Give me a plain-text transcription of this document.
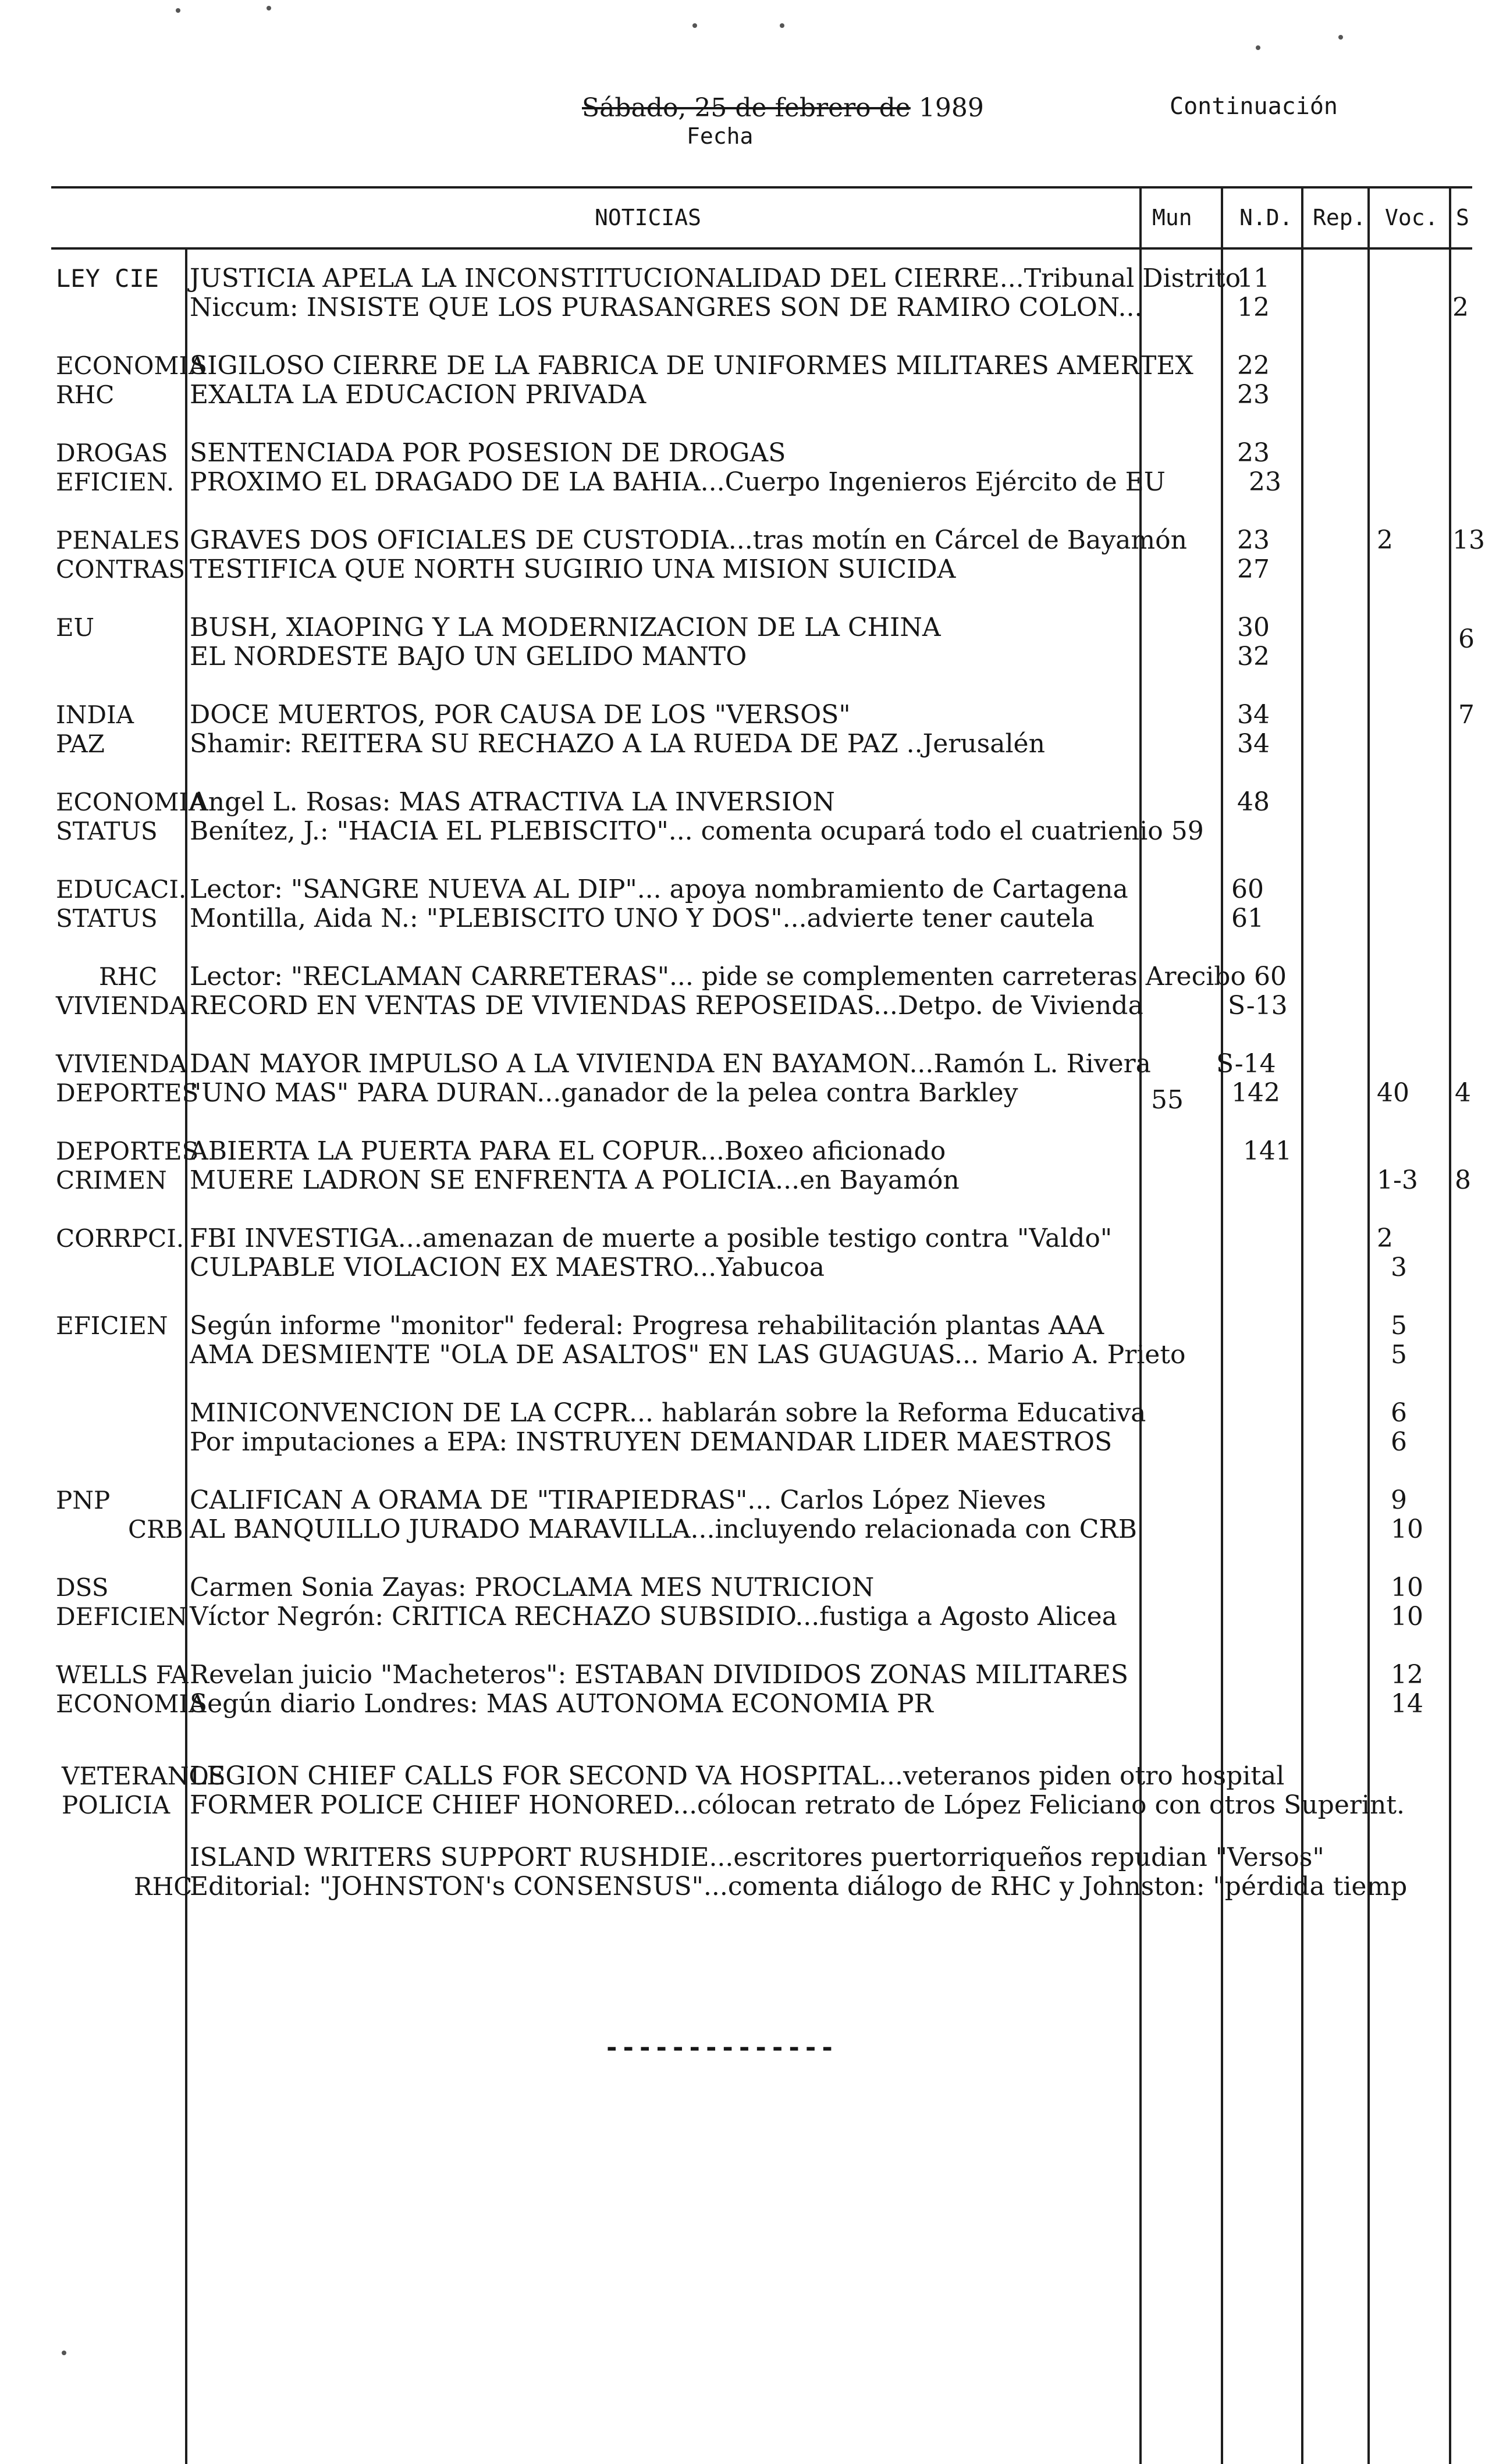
Sábado, 25 de febrero de 1989
Fecha
Continuación
NOTICIAS	Mun N.D. Rep. Voc. S
LEY CIE
ECONOMIA
RHC
DROGAS
EFICIEN.
PENALES
CONTRAS
EU
INDIA
PAZ
ECONOMIA
STATUS
EDUCACI.
STATUS
RHC
VIVIENDA
VIVIENDA
DEPORTES
DEPORTES
CRIMEN
CORRPCI.
EFICIEN
PNP
CRB
DSS
DEFICIEN
WELLS FA
ECONOMIA
VETERANOS
POLICIA
RHC
JUSTICIA APELA LA INCONSTITUCIONALIDAD DEL CIERRE...Tribunal Distrito
Niccum: INSISTE QUE LOS PURASANGRES SON DE RAMIRO COLON...
SIGILOSO CIERRE DE LA FABRICA DE UNIFORMES MILITARES AMERTEX
EXALTA LA EDUCACION PRIVADA
SENTENCIADA POR POSESION DE DROGAS
PROXIMO EL DRAGADO DE LA BAHIA...Cuerpo Ingenieros Ejército de EU
GRAVES DOS OFICIALES DE CUSTODIA...tras motín en Cárcel de Bayamón
TESTIFICA QUE NORTH SUGIRIO UNA MISION SUICIDA
BUSH, XIAOPING Y LA MODERNIZACION DE LA CHINA
EL NORDESTE BAJO UN GELIDO MANTO
DOCE MUERTOS, POR CAUSA DE LOS "VERSOS"
Shamir: REITERA SU RECHAZO A LA RUEDA DE PAZ ..Jerusalén
Angel L. Rosas: MAS ATRACTIVA LA INVERSION
Benítez, J.: "HACIA EL PLEBISCITO"... comenta ocupará todo el cuatrienio 59
Lector: "SANGRE NUEVA AL DIP"... apoya nombramiento de Cartagena
Montilla, Aida N.: "PLEBISCITO UNO Y DOS"...advierte tener cautela
Lector: "RECLAMAN CARRETERAS"... pide se complementen carreteras Arecibo 60
RECORD EN VENTAS DE VIVIENDAS REPOSEIDAS...Detpo. de Vivienda
DAN MAYOR IMPULSO A LA VIVIENDA EN BAYAMON...Ramón L. Rivera
"UNO MAS" PARA DURAN...ganador de la pelea contra Barkley
ABIERTA LA PUERTA PARA EL COPUR...Boxeo aficionado
MUERE LADRON SE ENFRENTA A POLICIA...en Bayamón
FBI INVESTIGA...amenazan de muerte a posible testigo contra "Valdo"
CULPABLE VIOLACION EX MAESTRO...Yabucoa
Según informe "monitor" federal: Progresa rehabilitación plantas AAA
AMA DESMIENTE "OLA DE ASALTOS" EN LAS GUAGUAS... Mario A. Prieto
MINICONVENCION DE LA CCPR... hablarán sobre la Reforma Educativa
Por imputaciones a EPA: INSTRUYEN DEMANDAR LIDER MAESTROS
CALIFICAN A ORAMA DE "TIRAPIEDRAS"... Carlos López Nieves
AL BANQUILLO JURADO MARAVILLA...incluyendo relacionada con CRB
Carmen Sonia Zayas: PROCLAMA MES NUTRICION
Víctor Negrón: CRITICA RECHAZO SUBSIDIO...fustiga a Agosto Alicea
Revelan juicio "Macheteros": ESTABAN DIVIDIDOS ZONAS MILITARES
Según diario Londres: MAS AUTONOMA ECONOMIA PR
LEGION CHIEF CALLS FOR SECOND VA HOSPITAL...veteranos piden otro hospital
FORMER POLICE CHIEF HONORED...cólocan retrato de López Feliciano con otros Superint.
ISLAND WRITERS SUPPORT RUSHDIE...escritores puertorriqueños repudian "Versos"
Editorial: "JOHNSTON's CONSENSUS"...comenta diálogo de RHC y Johnston: "pérdida tiemp
55
11
12
22
23
23
23
23
27
30
32
34
34
48
60
61
S-13
S-14
142
141
2
40
1-3
2
3
5
5
6
6
9
10
10
10
12
14
2
13
6
7
4
8
--------------
